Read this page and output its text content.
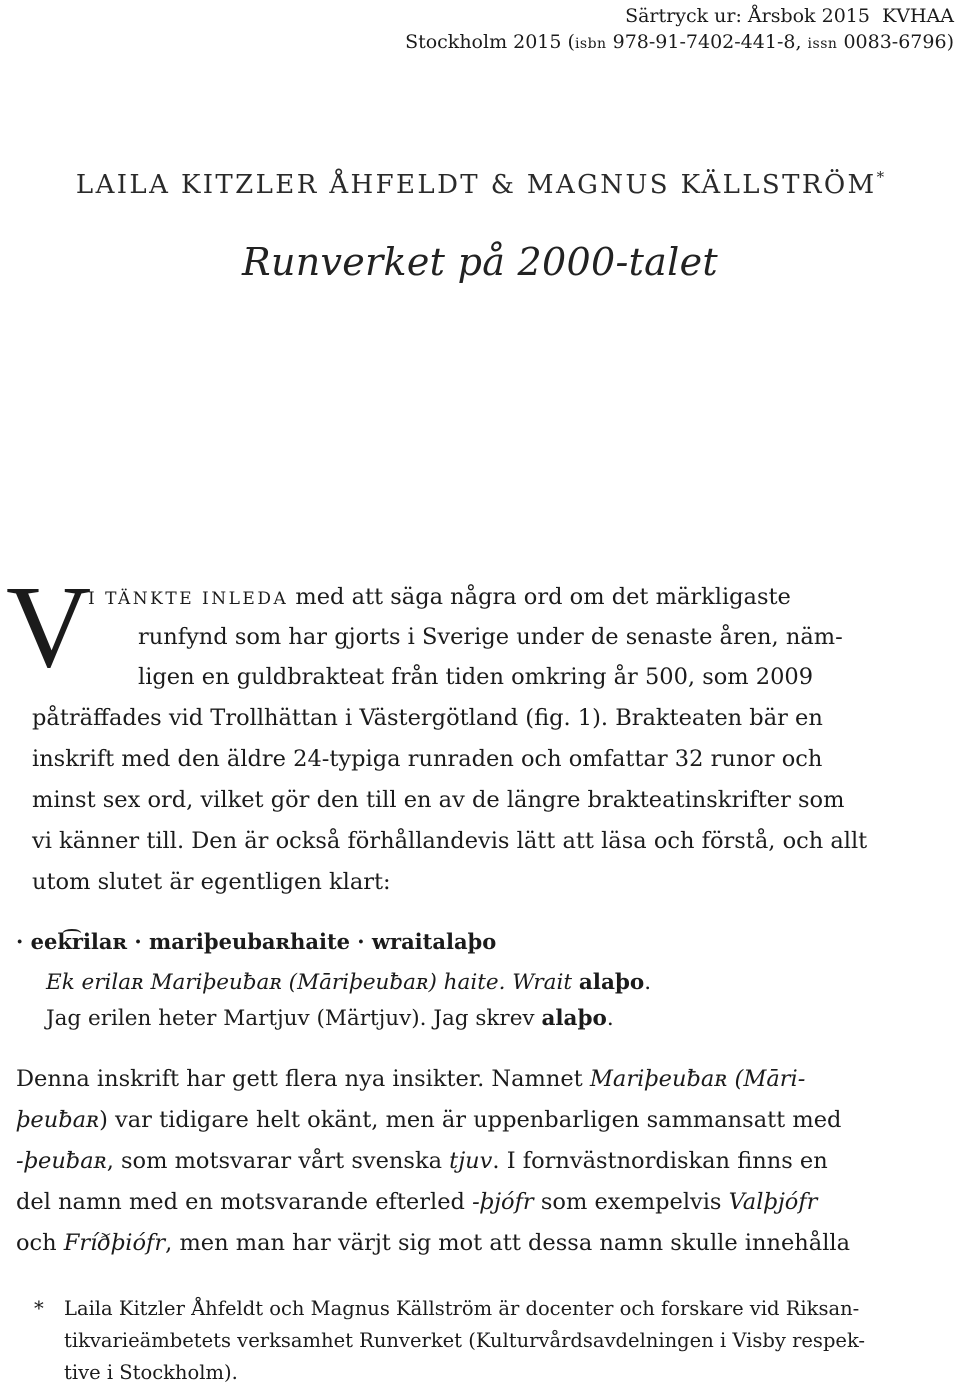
Särtryck ur: Årsbok 2015 KVHAA
Stockholm 2015 (isbn 978-91-7402-441-8, issn 0083-6796)
LAILA KITZLER ÅHFELDT & MAGNUS KÄLLSTRÖM*
Runverket på 2000-talet
V
I TÄNKTE INLEDA med att säga några ord om det märkligaste
runfynd som har gjorts i Sverige under de senaste åren, näm-
ligen en guldbrakteat från tiden omkring år 500, som 2009
påträffades vid Trollhättan i Västergötland (fig. 1). Brakteaten bär en
inskrift med den äldre 24-typiga runraden och omfattar 32 runor och
minst sex ord, vilket gör den till en av de längre brakteatinskrifter som
vi känner till. Den är också förhållandevis lätt att läsa och förstå, och allt
utom slutet är egentligen klart:
· eek͡rilaʀ · mariþeubaʀhaite · wraitalaþo
Ek erilaʀ Mariþeuƀaʀ (Māriþeuƀaʀ) haite. Wrait alaþo.
Jag erilen heter Martjuv (Märtjuv). Jag skrev alaþo.
Denna inskrift har gett flera nya insikter. Namnet Mariþeuƀaʀ (Māri-
þeuƀaʀ) var tidigare helt okänt, men är uppenbarligen sammansatt med
-þeuƀaʀ, som motsvarar vårt svenska tjuv. I fornvästnordiskan finns en
del namn med en motsvarande efterled -þjófr som exempelvis Valþjófr
och Fríðþiófr, men man har värjt sig mot att dessa namn skulle innehålla
* Laila Kitzler Åhfeldt och Magnus Källström är docenter och forskare vid Riksan-
tikvarieämbetets verksamhet Runverket (Kulturvårdsavdelningen i Visby respek-
tive i Stockholm).
